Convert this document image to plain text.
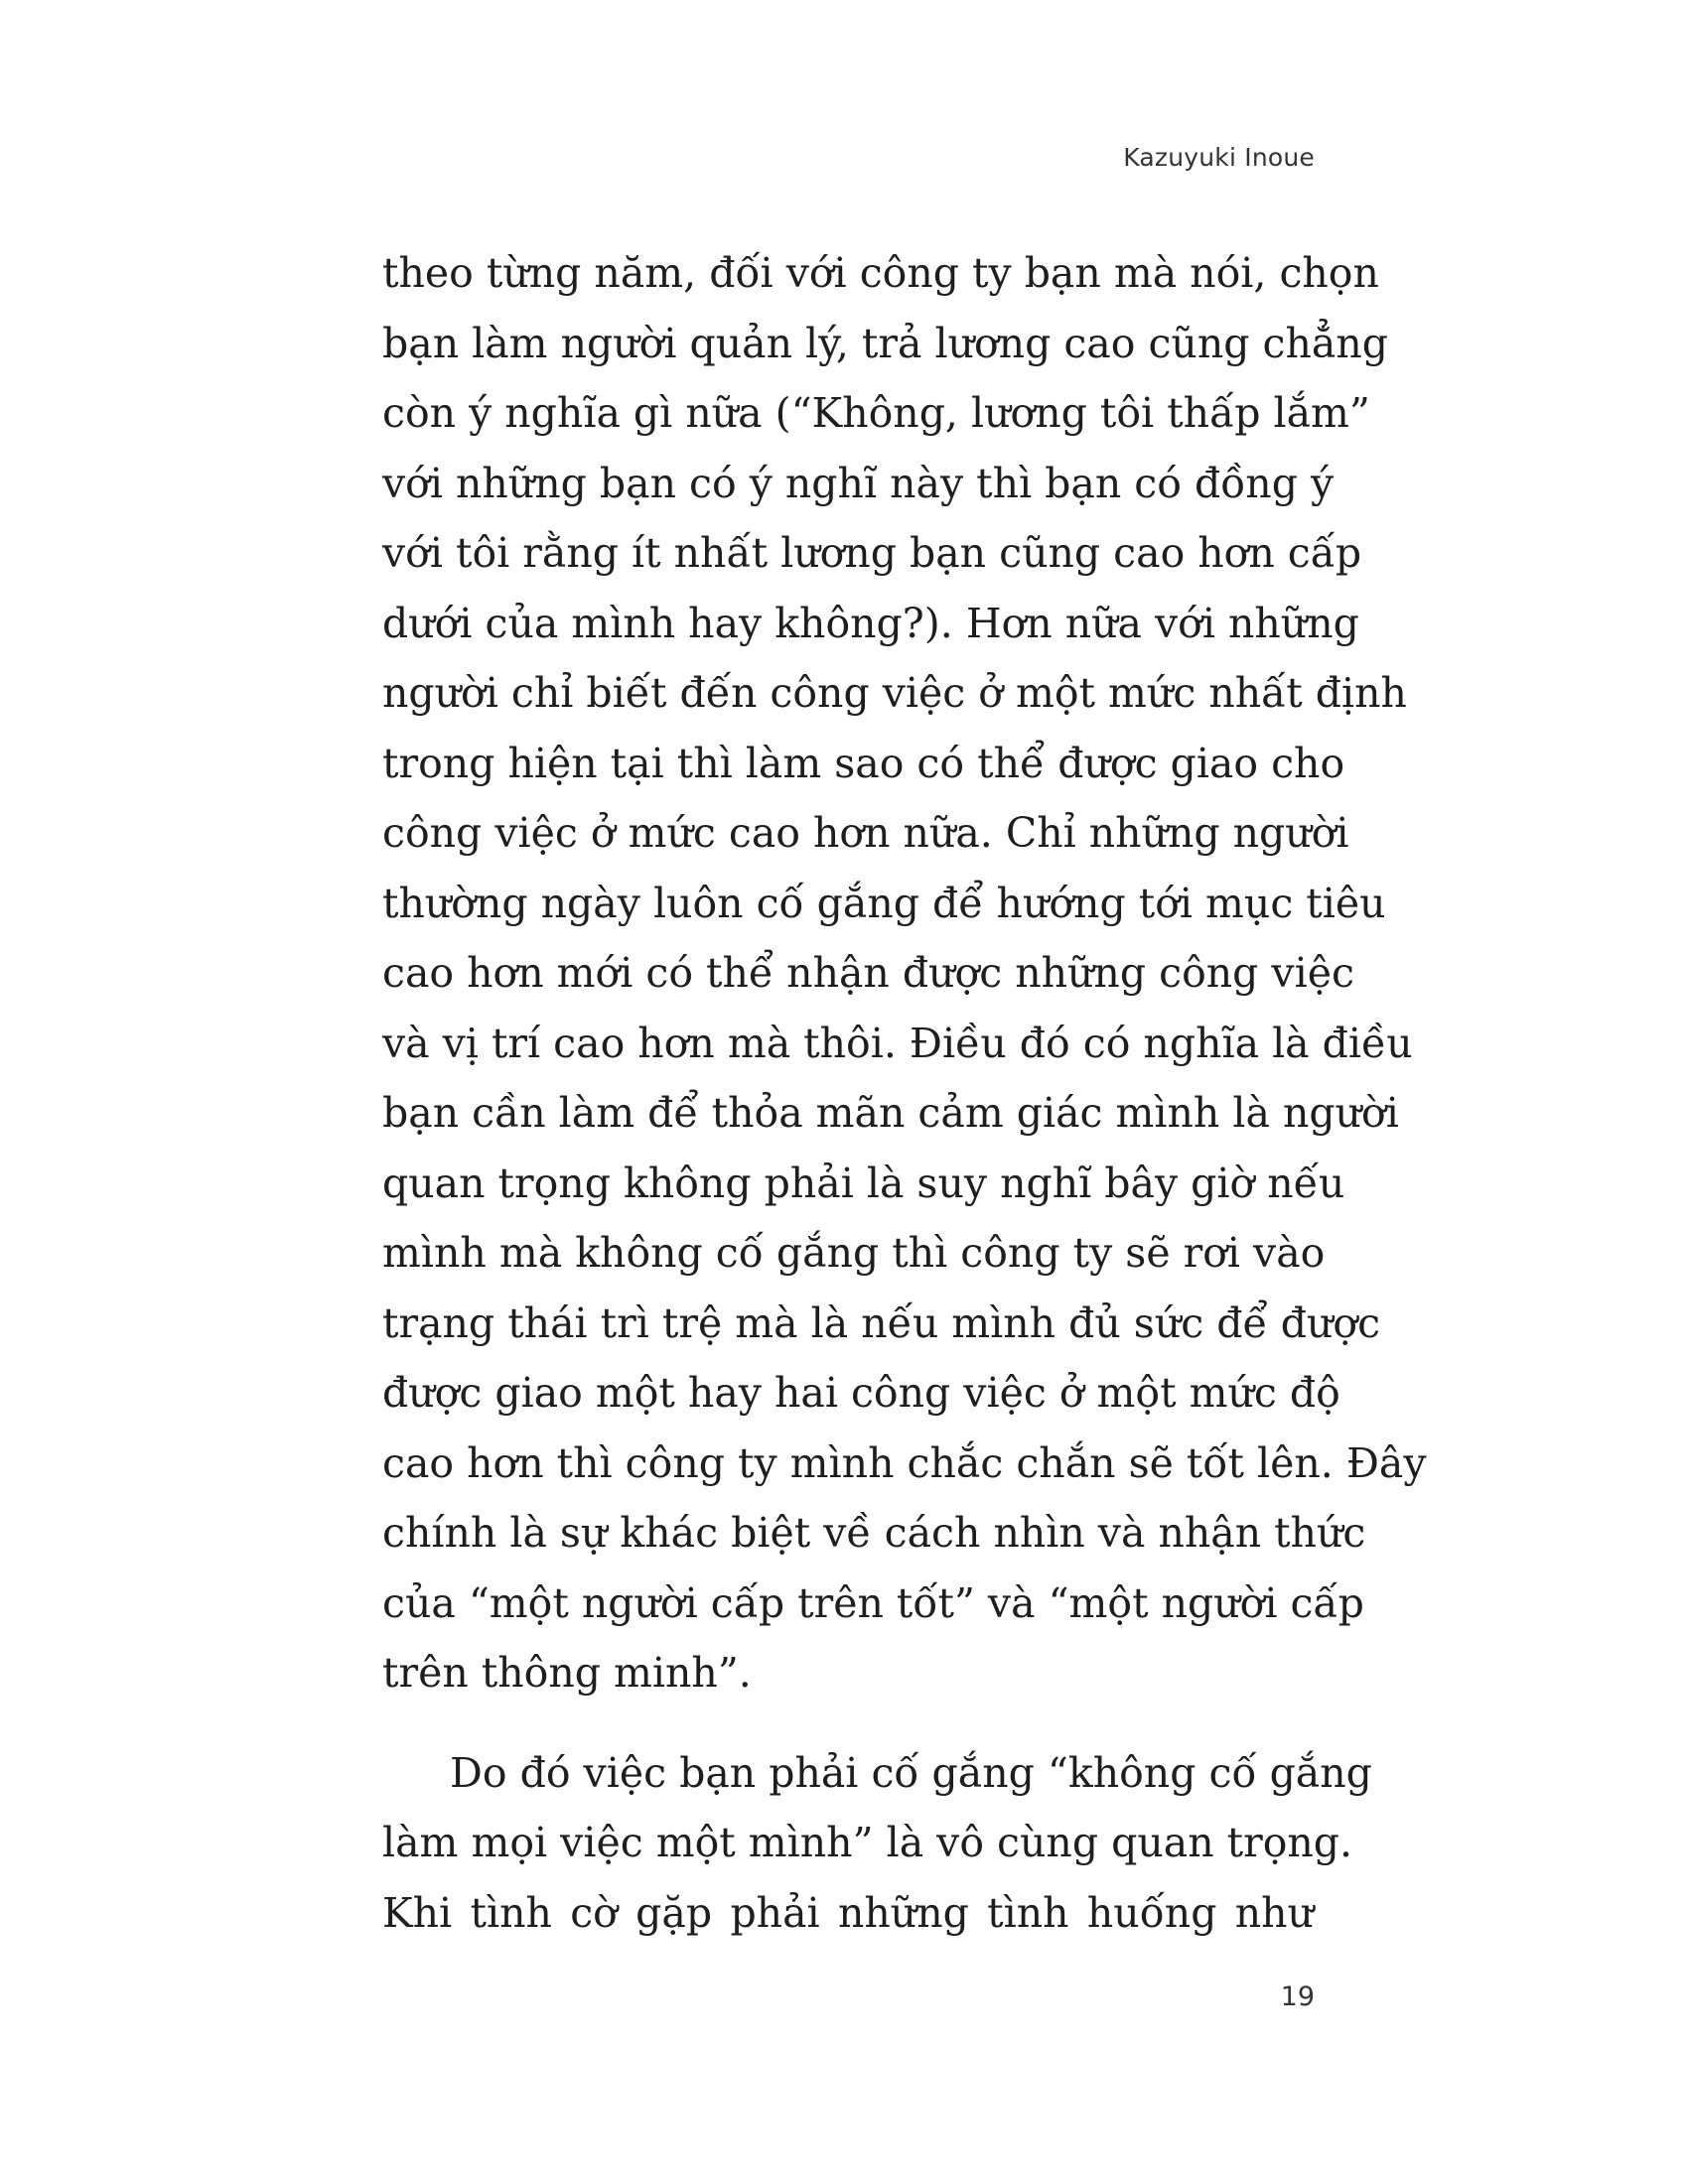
Kazuyuki Inoue
theo từng năm, đối với công ty bạn mà nói, chọn
bạn làm người quản lý, trả lương cao cũng chẳng
còn ý nghĩa gì nữa (“Không, lương tôi thấp lắm”
với những bạn có ý nghĩ này thì bạn có đồng ý
với tôi rằng ít nhất lương bạn cũng cao hơn cấp
dưới của mình hay không?). Hơn nữa với những
người chỉ biết đến công việc ở một mức nhất định
trong hiện tại thì làm sao có thể được giao cho
công việc ở mức cao hơn nữa. Chỉ những người
thường ngày luôn cố gắng để hướng tới mục tiêu
cao hơn mới có thể nhận được những công việc
và vị trí cao hơn mà thôi. Điều đó có nghĩa là điều
bạn cần làm để thỏa mãn cảm giác mình là người
quan trọng không phải là suy nghĩ bây giờ nếu
mình mà không cố gắng thì công ty sẽ rơi vào
trạng thái trì trệ mà là nếu mình đủ sức để được
được giao một hay hai công việc ở một mức độ
cao hơn thì công ty mình chắc chắn sẽ tốt lên. Đây
chính là sự khác biệt về cách nhìn và nhận thức
của “một người cấp trên tốt” và “một người cấp
trên thông minh”.
Do đó việc bạn phải cố gắng “không cố gắng
làm mọi việc một mình” là vô cùng quan trọng.
Khi tình cờ gặp phải những tình huống như
19
